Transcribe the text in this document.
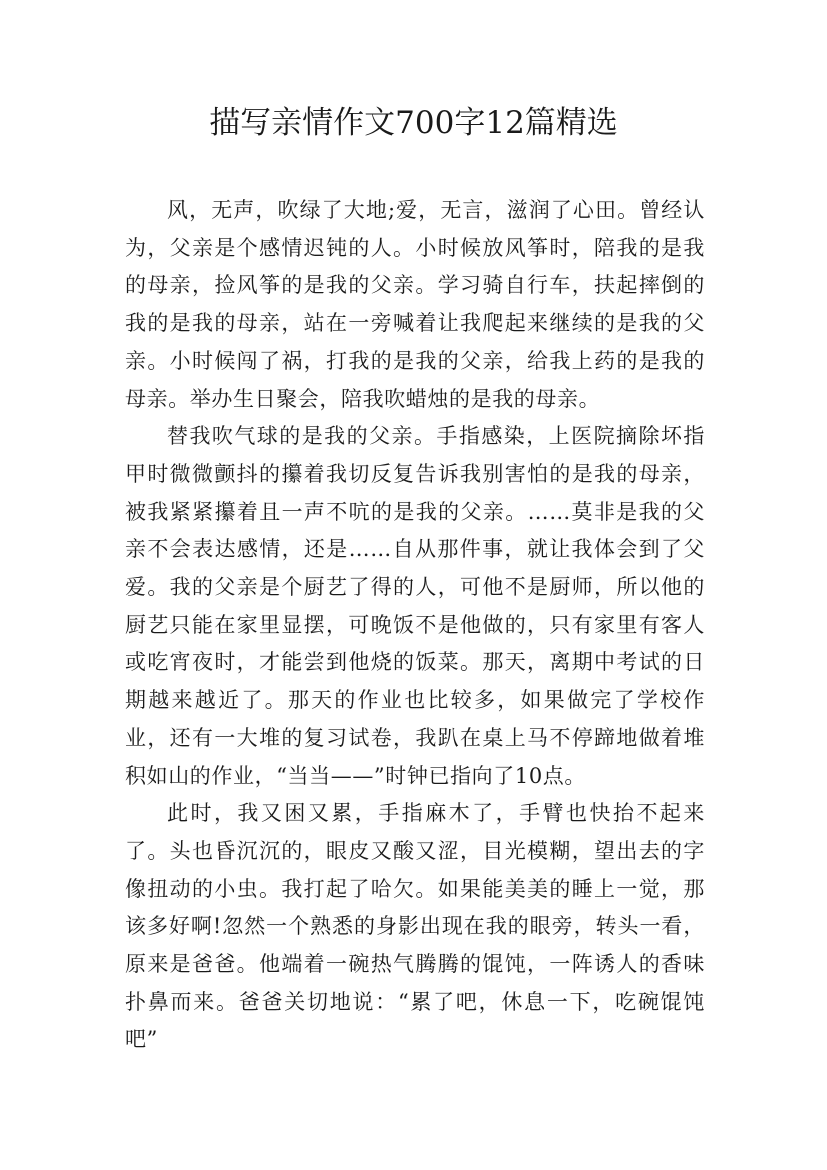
描写亲情作文700字12篇精选

风，无声，吹绿了大地;爱，无言，滋润了心田。曾经认为，父亲是个感情迟钝的人。小时候放风筝时，陪我的是我的母亲，捡风筝的是我的父亲。学习骑自行车，扶起摔倒的我的是我的母亲，站在一旁喊着让我爬起来继续的是我的父亲。小时候闯了祸，打我的是我的父亲，给我上药的是我的母亲。举办生日聚会，陪我吹蜡烛的是我的母亲。

替我吹气球的是我的父亲。手指感染，上医院摘除坏指甲时微微颤抖的攥着我切反复告诉我别害怕的是我的母亲，被我紧紧攥着且一声不吭的是我的父亲。……莫非是我的父亲不会表达感情，还是……自从那件事，就让我体会到了父爱。我的父亲是个厨艺了得的人，可他不是厨师，所以他的厨艺只能在家里显摆，可晚饭不是他做的，只有家里有客人或吃宵夜时，才能尝到他烧的饭菜。那天，离期中考试的日期越来越近了。那天的作业也比较多，如果做完了学校作业，还有一大堆的复习试卷，我趴在桌上马不停蹄地做着堆积如山的作业，“当当——”时钟已指向了10点。

此时，我又困又累，手指麻木了，手臂也快抬不起来了。头也昏沉沉的，眼皮又酸又涩，目光模糊，望出去的字像扭动的小虫。我打起了哈欠。如果能美美的睡上一觉，那该多好啊!忽然一个熟悉的身影出现在我的眼旁，转头一看，原来是爸爸。他端着一碗热气腾腾的馄饨，一阵诱人的香味扑鼻而来。爸爸关切地说：“累了吧，休息一下，吃碗馄饨吧”
